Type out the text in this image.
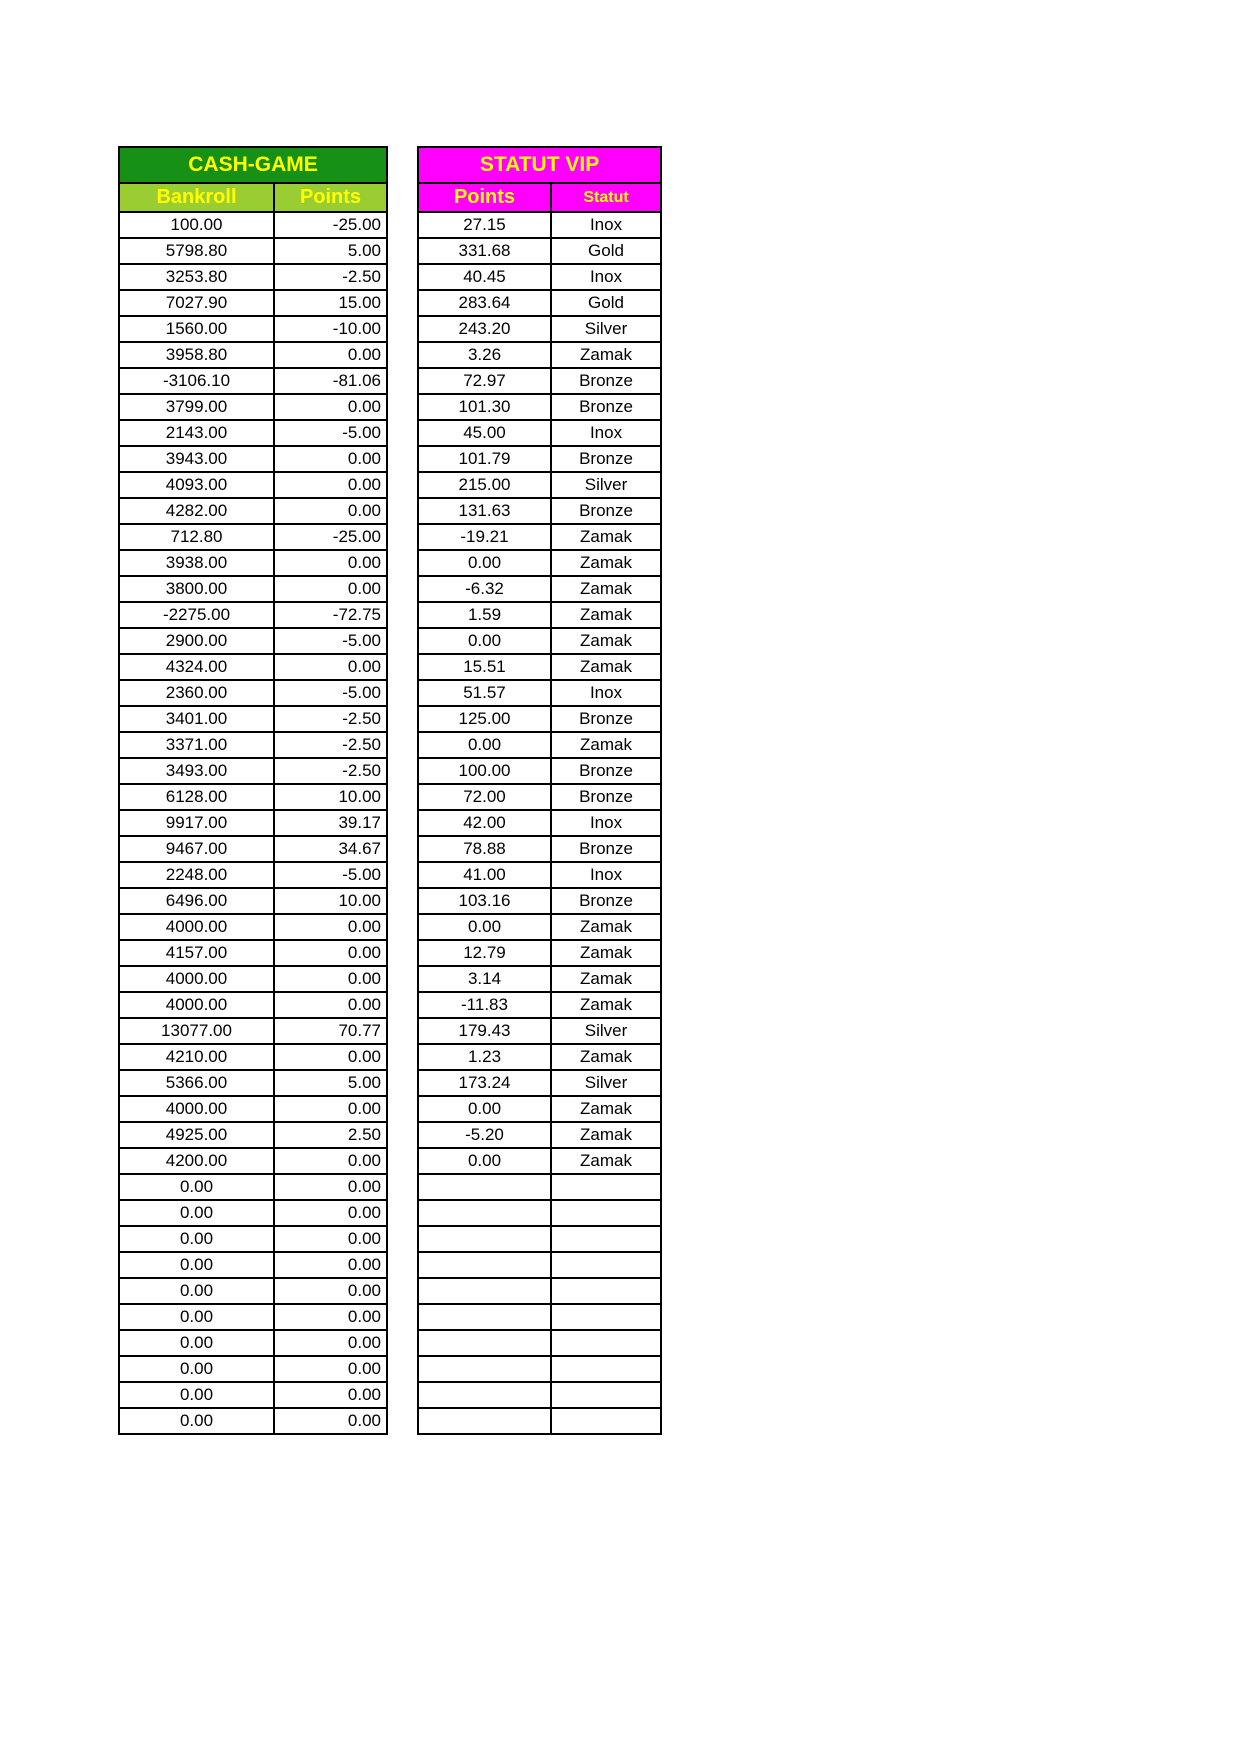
CASH-GAME	
Bankroll	Points
100.00	-25.00
5798.80	5.00
3253.80	-2.50
7027.90	15.00
1560.00	-10.00
3958.80	0.00
-3106.10	-81.06
3799.00	0.00
2143.00	-5.00
3943.00	0.00
4093.00	0.00
4282.00	0.00
712.80	-25.00
3938.00	0.00
3800.00	0.00
-2275.00	-72.75
2900.00	-5.00
4324.00	0.00
2360.00	-5.00
3401.00	-2.50
3371.00	-2.50
3493.00	-2.50
6128.00	10.00
9917.00	39.17
9467.00	34.67
2248.00	-5.00
6496.00	10.00
4000.00	0.00
4157.00	0.00
4000.00	0.00
4000.00	0.00
13077.00	70.77
4210.00	0.00
5366.00	5.00
4000.00	0.00
4925.00	2.50
4200.00	0.00
0.00	0.00
0.00	0.00
0.00	0.00
0.00	0.00
0.00	0.00
0.00	0.00
0.00	0.00
0.00	0.00
0.00	0.00
0.00	0.00
STATUT VIP	
Points	Statut
27.15	Inox
331.68	Gold
40.45	Inox
283.64	Gold
243.20	Silver
3.26	Zamak
72.97	Bronze
101.30	Bronze
45.00	Inox
101.79	Bronze
215.00	Silver
131.63	Bronze
-19.21	Zamak
0.00	Zamak
-6.32	Zamak
1.59	Zamak
0.00	Zamak
15.51	Zamak
51.57	Inox
125.00	Bronze
0.00	Zamak
100.00	Bronze
72.00	Bronze
42.00	Inox
78.88	Bronze
41.00	Inox
103.16	Bronze
0.00	Zamak
12.79	Zamak
3.14	Zamak
-11.83	Zamak
179.43	Silver
1.23	Zamak
173.24	Silver
0.00	Zamak
-5.20	Zamak
0.00	Zamak
